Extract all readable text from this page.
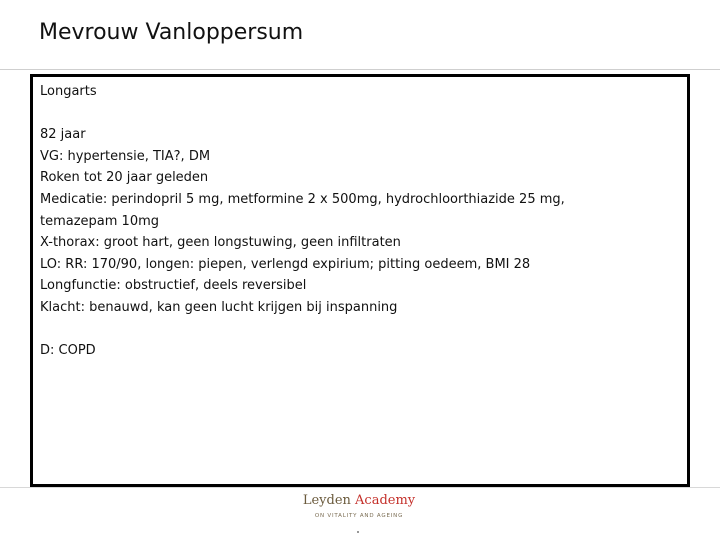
Mevrouw Vanloppersum
Longarts
82 jaar
VG: hypertensie, TIA?, DM
Roken tot 20 jaar geleden
Medicatie: perindopril 5 mg, metformine 2 x 500mg, hydrochloorthiazide 25 mg,
temazepam 10mg
X-thorax: groot hart, geen longstuwing, geen infiltraten
LO: RR: 170/90, longen: piepen, verlengd expirium; pitting oedeem, BMI 28
Longfunctie: obstructief, deels reversibel
Klacht: benauwd, kan geen lucht krijgen bij inspanning
D: COPD
Leyden Academy
ON VITALITY AND AGEING
